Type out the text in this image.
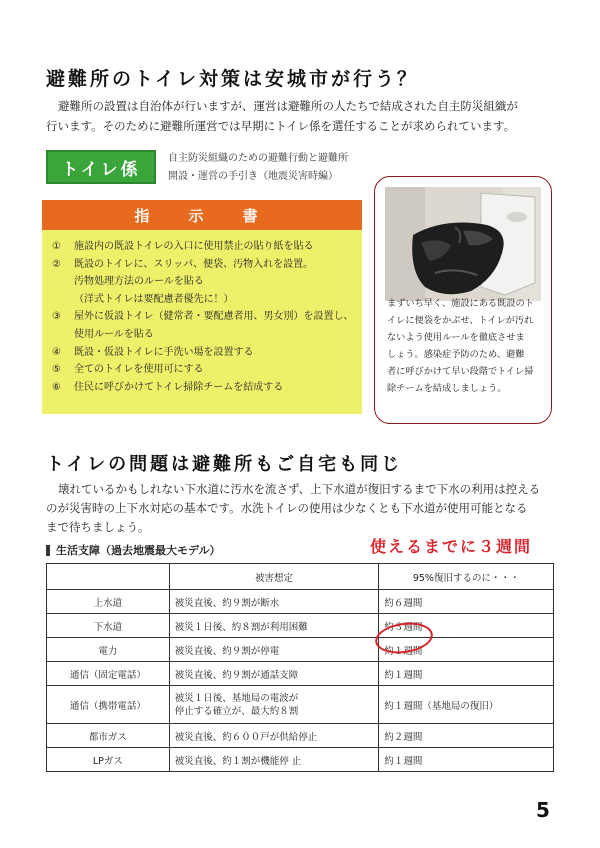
避難所のトイレ対策は安城市が行う？

避難所の設置は自治体が行いますが、運営は避難所の人たちで結成された自主防災組織が
行います。そのために避難所運営では早期にトイレ係を選任することが求められています。

トイレ係
自主防災組織のための避難行動と避難所
開設・運営の手引き（地震災害時編）
指　示　書
①	施設内の既設トイレの入口に使用禁止の貼り紙を貼る
②	既設のトイレに、スリッパ、便袋、汚物入れを設置。
汚物処理方法のルールを貼る
（洋式トイレは要配慮者優先に！）
③	屋外に仮設トイレ（健常者・要配慮者用、男女別）を設置し、
使用ルールを貼る
④	既設・仮設トイレに手洗い場を設置する
⑤	全てのトイレを使用可にする
⑥	住民に呼びかけてトイレ掃除チームを結成する
まずいち早く、施設にある既設のト
イレに便袋をかぶせ、トイレが汚れ
ないよう使用ルールを徹底させま
しょう。感染症予防のため、避難
者に呼びかけて早い段階でトイレ掃
除チームを結成しましょう。
トイレの問題は避難所もご自宅も同じ

壊れているかもしれない下水道に汚水を流さず、上下水道が復旧するまで下水の利用は控える
のが災害時の上下水対応の基本です。水洗トイレの使用は少なくとも下水道が使用可能となる
まで待ちましょう。

生活支障（過去地震最大モデル）	使えるまでに３週間
	被害想定	95%復旧するのに・・・
上水道	被災直後、約９割が断水	約６週間
下水道	被災１日後、約８割が利用困難	約３週間
電力	被災直後、約９割が停電	約１週間
通信（固定電話）	被災直後、約９割が通話支障	約１週間
通信（携帯電話）	被災１日後、基地局の電波が
停止する確立が、最大約８割	約１週間（基地局の復旧）
都市ガス	被災直後、約６００戸が供給停止	約２週間
LPガス	被災直後、約１割が機能停 止	約１週間
5
